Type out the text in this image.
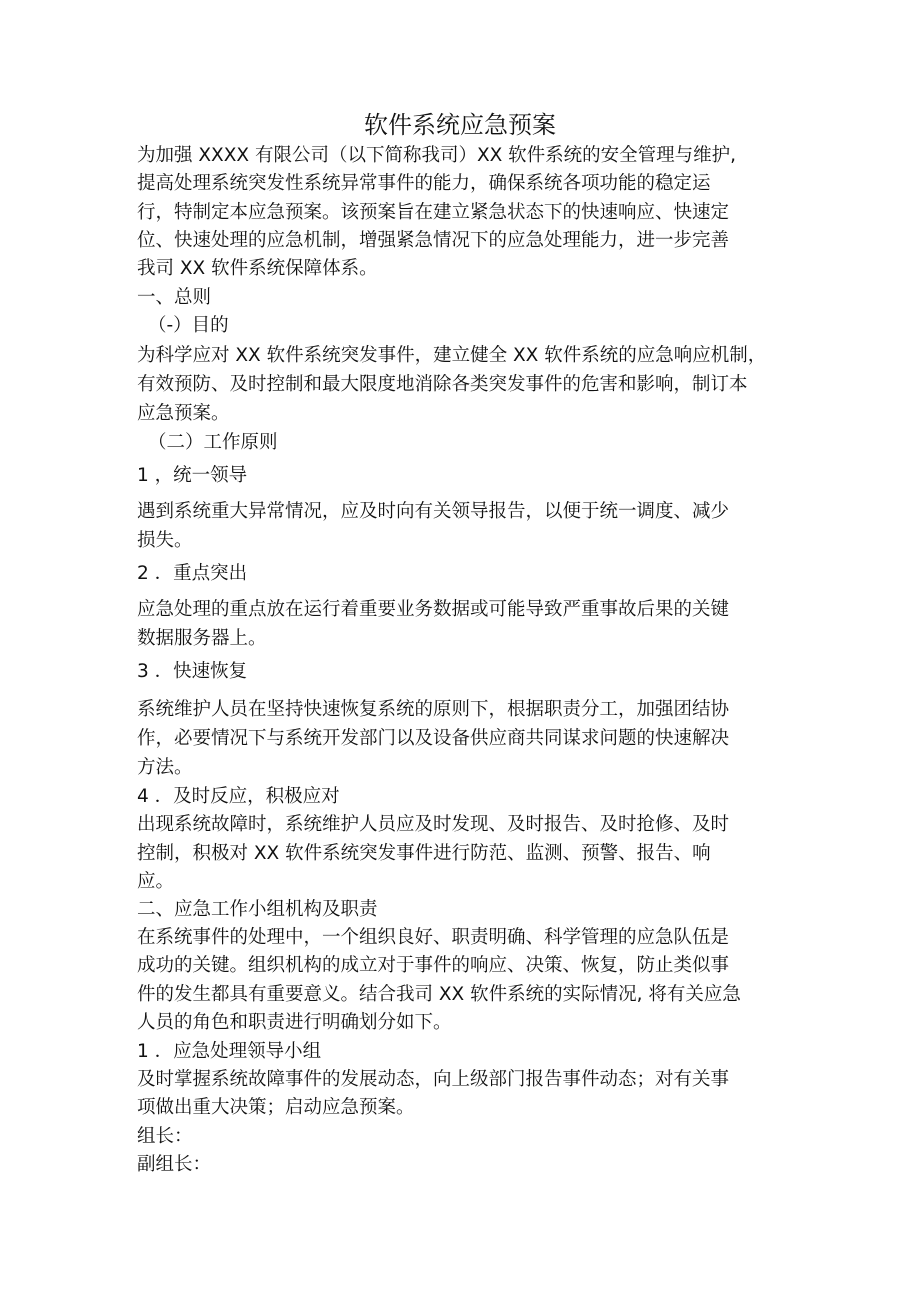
软件系统应急预案
为加强 XXXX 有限公司（以下简称我司）XX 软件系统的安全管理与维护,
提高处理系统突发性系统异常事件的能力，确保系统各项功能的稳定运
行，特制定本应急预案。该预案旨在建立紧急状态下的快速响应、快速定
位、快速处理的应急机制，增强紧急情况下的应急处理能力，进一步完善
我司 XX 软件系统保障体系。
一、总则
（-）目的
为科学应对 XX 软件系统突发事件，建立健全 XX 软件系统的应急响应机制，
有效预防、及时控制和最大限度地消除各类突发事件的危害和影响，制订本
应急预案。
（二）工作原则
1 ，统一领导
遇到系统重大异常情况，应及时向有关领导报告，以便于统一调度、减少
损失。
2 ．重点突出
应急处理的重点放在运行着重要业务数据或可能导致严重事故后果的关键
数据服务器上。
3 ．快速恢复
系统维护人员在坚持快速恢复系统的原则下，根据职责分工，加强团结协
作，必要情况下与系统开发部门以及设备供应商共同谋求问题的快速解决
方法。
4 ．及时反应，积极应对
出现系统故障时，系统维护人员应及时发现、及时报告、及时抢修、及时
控制，积极对 XX 软件系统突发事件进行防范、监测、预警、报告、响
应。
二、应急工作小组机构及职责
在系统事件的处理中，一个组织良好、职责明确、科学管理的应急队伍是
成功的关键。组织机构的成立对于事件的响应、决策、恢复，防止类似事
件的发生都具有重要意义。结合我司 XX 软件系统的实际情况, 将有关应急
人员的角色和职责进行明确划分如下。
1 ．应急处理领导小组
及时掌握系统故障事件的发展动态，向上级部门报告事件动态；对有关事
项做出重大决策；启动应急预案。
组长：
副组长：
